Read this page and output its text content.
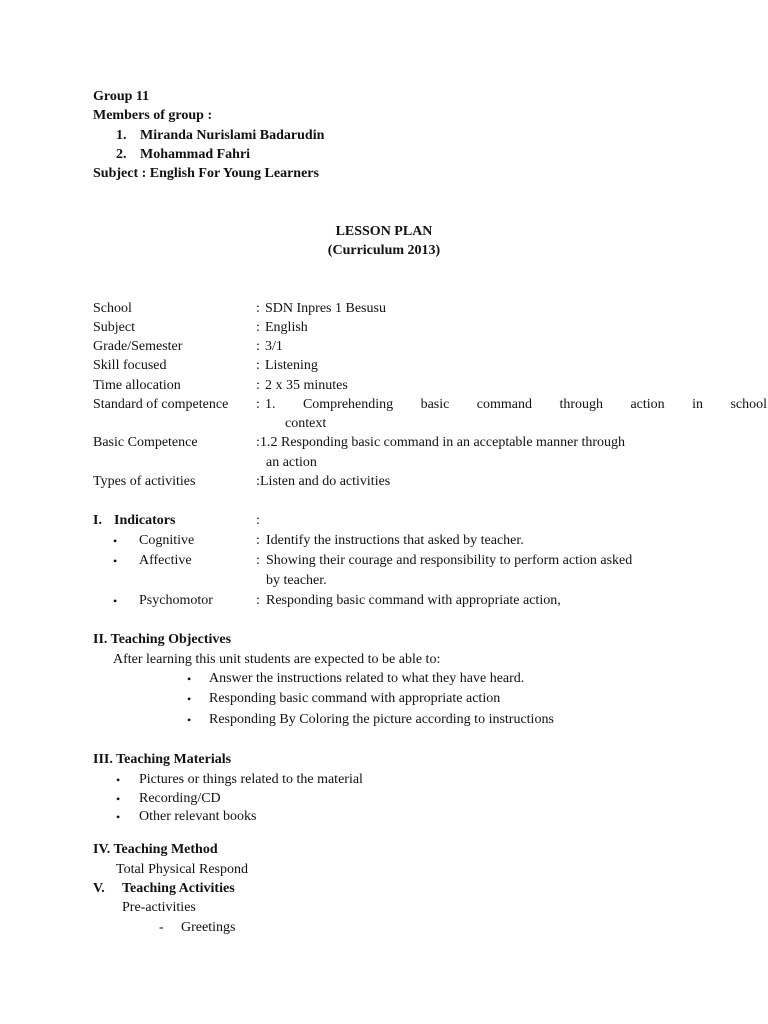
Group 11
Members of group :
1. Miranda Nurislami Badarudin
2. Mohammad Fahri
Subject : English For Young Learners
LESSON PLAN
(Curriculum 2013)
School	: SDN Inpres 1 Besusu
Subject	: English
Grade/Semester	: 3/1
Skill focused	: Listening
Time allocation	: 2 x 35 minutes
Standard of competence : 1. Comprehending basic command through action in school
context
Basic Competence	: 1.2 Responding basic command in an acceptable manner through
an action
Types of activities	: Listen and do activities
I. Indicators	:
• Cognitive	: Identify the instructions that asked by teacher.
• Affective	: Showing their courage and responsibility to perform action asked
by teacher.
• Psychomotor	: Responding basic command with appropriate action,
II. Teaching Objectives
After learning this unit students are expected to be able to:
• Answer the instructions related to what they have heard.
• Responding basic command with appropriate action
• Responding By Coloring the picture according to instructions
III. Teaching Materials
• Pictures or things related to the material
• Recording/CD
• Other relevant books
IV. Teaching Method
Total Physical Respond
V. Teaching Activities
Pre-activities
- Greetings
